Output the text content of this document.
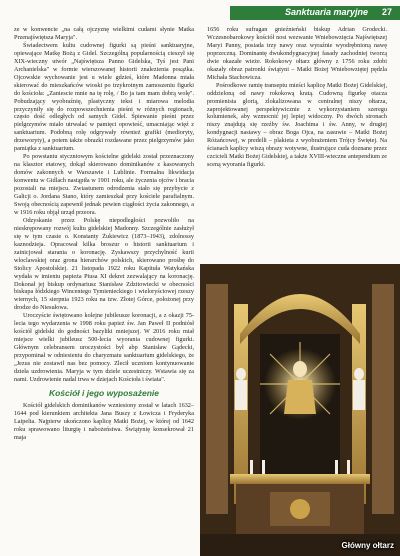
Sanktuaria maryjne 27

ze w konwencie „na całą ojczyznę wielkimi cudami słynie Matka Przenajświętsza Maryja".

Świadectwem kultu cudownej figurki są pieśni sanktuaryjne, opiewające Matkę Bożą z Gidel. Szczególną popularnością cieszył się XIX-wieczny utwór „Najświętsza Panno Gidelska, Tyś jest Pani Archanielska" w formie wierszowanej historii znalezienia posążka. Ojcowskie wychowanie jest u wiele gdzieś, które Madonna miała skierować do mieszkańców wioski po trzykrotnym zamoszeniu figurki do kościoła: „Zaniescie mnie na tę rolę, / Bo ja tam mam dobrą wolę". Pobudzający wyobraźnię, plastyczny tekst i miarowa melodia przyczyniły się do rozpowszechnienia pieśni w różnych regionach, często dość odległych od samych Gidel. Śpiewanie pieśni przez pielgrzymów miało utrwalać w pamięci opowieść, umacniając więź z sanktuarium. Podobną rolę odgrywały również grafiki (medioryty, drzeworyty), a potem także obrazki rozdawane przez pielgrzymów jako pamiątka z sanktuarium.

Po powstaniu styczniowym kościelne gidelski został przeznaczony na klasztor etatowy, dokąd skierowano dominikanów z kasowanych domów zakonnych w Warszawie i Lublinie. Formalna likwidacja konwentu w Gidlach nastąpiła w 1901 roku, ale życzenia ojców i bracia pozostali na miejscu. Zwiastunem odrodzenia stało się przybycie z Galicji o. Jordana Stano, który zamieszkał przy kościele parafialnym. Swoją obecnością zapewnił jednak pewien ciągłości życia zakonnego, a w 1916 roku objął urząd przeora.

Odzyskanie przez Polskę niepodległości pozwoliło na nieskrępowany rozwój kultu gidelskiej Madonny. Szczególnie zasłużył się w tym czasie o. Konstanty Żukiewicz (1873–1943), zdolnossy kaznodzieja. Opracował kilka broszur o historii sanktuarium i zainicjował starania o koronację. Zyskawszy przychylność kurii wloclawskiej oraz grona hierarchów polskich, skierowano prośbę do Stolicy Apostolskiej. 21 listopada 1922 roku Kapituła Watykańska wydała w imieniu papieża Piusa XI dekret zezwalający na koronację. Dokonał jej biskup ordynariusz Stanisław Zdzitowiecki w obecności biskupa łódzkiego Wincentego Tymienieckiego i wieloryściowej rzeszy wiernych, 15 sierpnia 1923 roku na tzw. Złotej Górce, położonej przy drodze do Niesułowa.

Uroczyście świętowano kolejne jubileusze koronacji, a z okazji 75-lecia tego wydarzenia w 1998 roku papież św. Jan Paweł II podniósł kościół gidelski do godności bazyliki mniejszej. W 2016 roku miał miejsce wielki jubileusz 500-lecia wyorania cudownej figurki. Głównym celebransem uroczystości był abp Stanisław Gądecki, przypominał w odniesieniu do charyzmatu sanktuarium gidelskiego, że „Jezus nie zostawił nas bez pomocy. Zlecił uczniom kontynuowanie dzieła uzdrowienia. Maryja w tym dziele uczestniczy. Wstawia się za nami. Uzdrowienie nadal trwa w dziejach Kościoła i świata".

Kościół i jego wyposażenie

Kościół gidelskich dominikanów wzniesiony został w latach 1632–1644 pod kierunkiem architekta Jana Buszy z Łowicza i Fryderyka Laipelta. Najpierw ukończono kaplicę Matki Bożej, w której od 1642 roku sprawowano liturgię i nabożeństwa. Świątynię konsekrował 21 maja

1656 roku sufragan gnieźnieński biskup Adrian Grodecki. Wczesnobarokowy kościół nosi wezwanie Wniebowzięcia Najświętszej Maryi Panny, posiada trzy nawy oraz wyraźnie wyodrębnioną nawę poprzeczną. Dominantę dwukondygnacyjnej fasady zachodniej tworzą dwie okazałe wieże. Rokokowy ołtarz główny z 1756 roku zdobi okazały obraz patronki świątyni – Matki Bożej Wniebowziętej pędzla Michała Stachowicza.

Pośrodkowe ramię transeptu mieści kaplicę Matki Bożej Gidelskiej, oddzieloną od nawy rokokową kratą. Cudowną figurkę otacza promienista glorią, zlokalizowana w centralnej niszy ołtarza, zaprojektowanej perspektywicznie z wykorzystaniem szeregu kolumienek, aby wzmocnić jej lepiej widoczny. Po dwóch stronach niszy znajdują się rzeźby św. Joachima i św. Anny, w drugiej kondygnacji nastawy – obraz Boga Ojca, na zasuwie – Matki Bożej Różańcowej, w predelli – plakieta z wyobrażeniem Trójcy Świętej. Na ścianach kaplicy wiszą obrazy wotywne, ilustrujące cuda doznane przez czcicieli Matki Bożej Gidelskiej, a także XVIII-wieczne antependium ze sceną wyorania figurki.

Główny ołtarz
